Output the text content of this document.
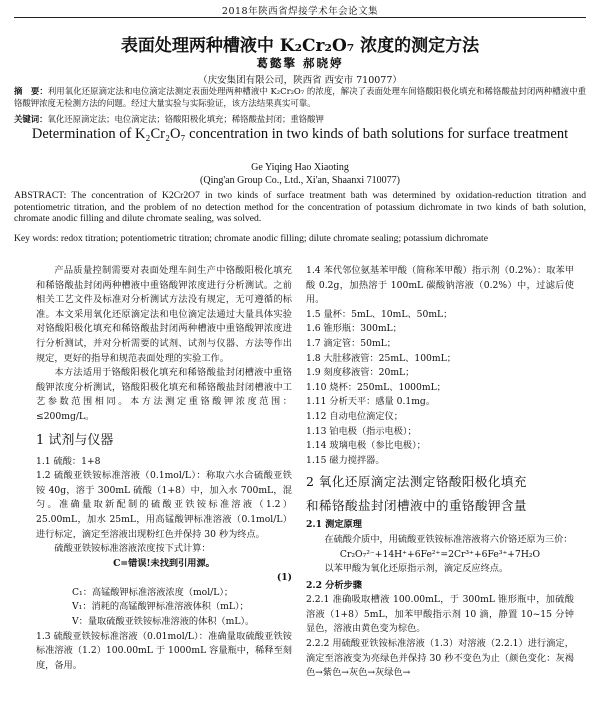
2018年陕西省焊接学术年会论文集
表面处理两种槽液中 K₂Cr₂O₇ 浓度的测定方法
葛懿擎 郝晓婷
（庆安集团有限公司，陕西省 西安市 710077）
摘　要：利用氧化还原滴定法和电位滴定法测定表面处理两种槽液中 K₂Cr₂O₇ 的浓度，解决了表面处理车间铬酸阳极化填充和稀铬酸盐封闭两种槽液中重铬酸钾浓度无检测方法的问题。经过大量实验与实际验证，该方法结果真实可靠。
关键词：氧化还原滴定法；电位滴定法；铬酸阳极化填充；稀铬酸盐封闭；重铬酸钾
Determination of K₂Cr₂O₇ concentration in two kinds of bath solutions for surface treatment
Ge Yiqing Hao Xiaoting
(Qing'an Group Co., Ltd., Xi'an, Shaanxi 710077)
ABSTRACT: The concentration of K2Cr2O7 in two kinds of surface treatment bath was determined by oxidation-reduction titration and potentiometric titration, and the problem of no detection method for the concentration of potassium dichromate in two kinds of bath solution, chromate anodic filling and dilute chromate sealing, was solved.
Key words: redox titration; potentiometric titration; chromate anodic filling; dilute chromate sealing; potassium dichromate

产品质量控制需要对表面处理车间生产中铬酸阳极化填充和稀铬酸盐封闭两种槽液中重铬酸钾浓度进行分析测试。之前相关工艺文件及标准对分析测试方法没有规定，无可遵循的标准。本文采用氧化还原滴定法和电位滴定法通过大量具体实验对铬酸阳极化填充和稀铬酸盐封闭两种槽液中重铬酸钾浓度进行分析测试，并对分析需要的试剂、试剂与仪器、方法等作出规定，更好的指导和规范表面处理的实验工作。

本方法适用于铬酸阳极化填充和稀铬酸盐封闭槽液中重铬酸钾浓度分析测试，铬酸阳极化填充和稀铬酸盐封闭槽液中工艺参数范围相同。本方法测定重铬酸钾浓度范围：≤200mg/L。

1 试剂与仪器

1.1 硫酸：1+8

1.2 硫酸亚铁铵标准溶液（0.1mol/L）：称取六水合硫酸亚铁铵 40g，溶于 300mL 硫酸（1+8）中，加入水 700mL，混匀。准确量取新配制的硫酸亚铁铵标准溶液（1.2）25.00mL，加水 25mL，用高锰酸钾标准溶液（0.1mol/L）进行标定，滴定至溶液出现粉红色并保持 30 秒为终点。

硫酸亚铁铵标准溶液浓度按下式计算：

C=错误!未找到引用源。

(1)

C₁：高锰酸钾标准溶液浓度（mol/L）；

V₁：消耗的高锰酸钾标准溶液体积（mL）；

V：量取硫酸亚铁铵标准溶液的体积（mL）。

1.3 硫酸亚铁铵标准溶液（0.01mol/L）：准确量取硫酸亚铁铵标准溶液（1.2）100.00mL 于 1000mL 容量瓶中，稀释至刻度，备用。

1.4 苯代邻位氨基苯甲酸（简称苯甲酸）指示剂（0.2%）：取苯甲酸 0.2g，加热溶于 100mL 碳酸钠溶液（0.2%）中，过滤后使用。

1.5 量杯：5mL、10mL、50mL；

1.6 锥形瓶：300mL；

1.7 滴定管：50mL；

1.8 大肚移液管：25mL、100mL；

1.9 刻度移液管：20mL；

1.10 烧杯：250mL、1000mL；

1.11 分析天平：感量 0.1mg。

1.12 自动电位滴定仪；

1.13 铂电极（指示电极）；

1.14 玻璃电极（参比电极）；

1.15 磁力搅拌器。

2 氧化还原滴定法测定铬酸阳极化填充

和稀铬酸盐封闭槽液中的重铬酸钾含量

2.1 测定原理

在硫酸介质中，用硫酸亚铁铵标准溶液将六价铬还原为三价：

Cr₂O₇²⁻+14H⁺+6Fe²⁺=2Cr³⁺+6Fe³⁺+7H₂O

以苯甲酸为氧化还原指示剂，滴定反应终点。

2.2 分析步骤

2.2.1 准确吸取槽液 100.00mL，于 300mL 锥形瓶中，加硫酸溶液（1+8）5mL，加苯甲酸指示剂 10 滴，静置 10~15 分钟显色，溶液由黄色变为棕色。

2.2.2 用硫酸亚铁铵标准溶液（1.3）对溶液（2.2.1）进行滴定，滴定至溶液变为亮绿色并保持 30 秒不变色为止（颜色变化：灰褐色→紫色→灰色→灰绿色→
